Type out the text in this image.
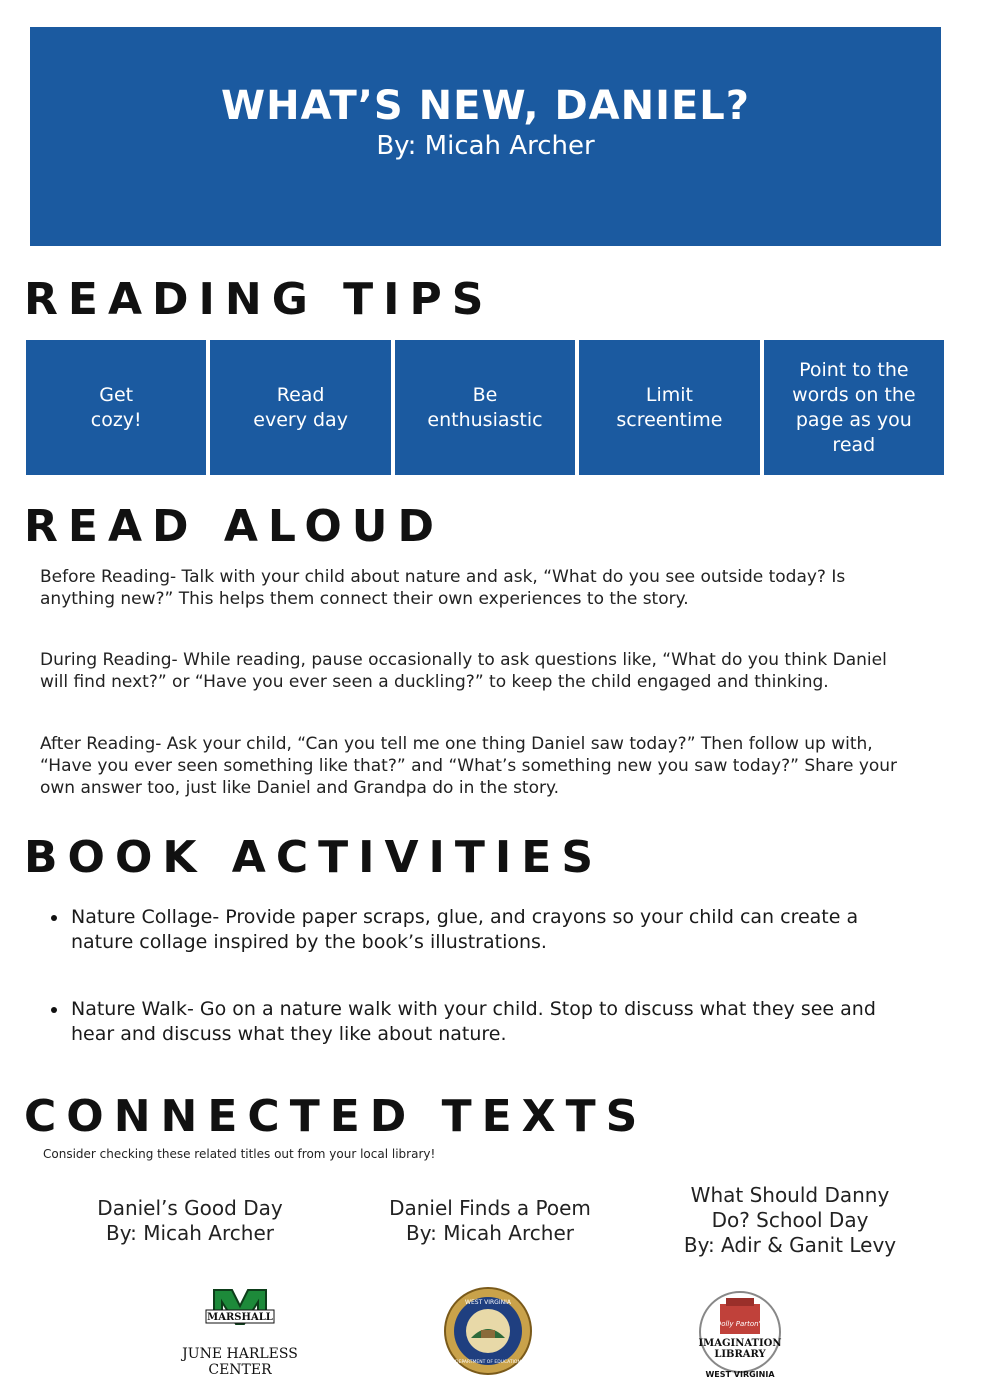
WHAT’S NEW, DANIEL?
By: Micah Archer
READING TIPS
Get
cozy!
Read
every day
Be
enthusiastic
Limit
screentime
Point to the words on the page as you read
READ ALOUD

Before Reading- Talk with your child about nature and ask, “What do you see outside today? Is anything new?” This helps them connect their own experiences to the story.

During Reading- While reading, pause occasionally to ask questions like, “What do you think Daniel will find next?” or “Have you ever seen a duckling?” to keep the child engaged and thinking.

After Reading- Ask your child, “Can you tell me one thing Daniel saw today?” Then follow up with, “Have you ever seen something like that?” and “What’s something new you saw today?” Share your own answer too, just like Daniel and Grandpa do in the story.

BOOK ACTIVITIES
Nature Collage- Provide paper scraps, glue, and crayons so your child can create a nature collage inspired by the book’s illustrations.
Nature Walk- Go on a nature walk with your child. Stop to discuss what they see and hear and discuss what they like about nature.
CONNECTED TEXTS
Consider checking these related titles out from your local library!
Daniel’s Good Day
By: Micah Archer
Daniel Finds a Poem
By: Micah Archer
What Should Danny Do? School Day
By: Adir & Ganit Levy
MARSHALL
JUNE HARLESS
CENTER
WEST VIRGINIA
DEPARTMENT OF EDUCATION
Dolly Parton's
IMAGINATION
LIBRARY
WEST VIRGINIA
